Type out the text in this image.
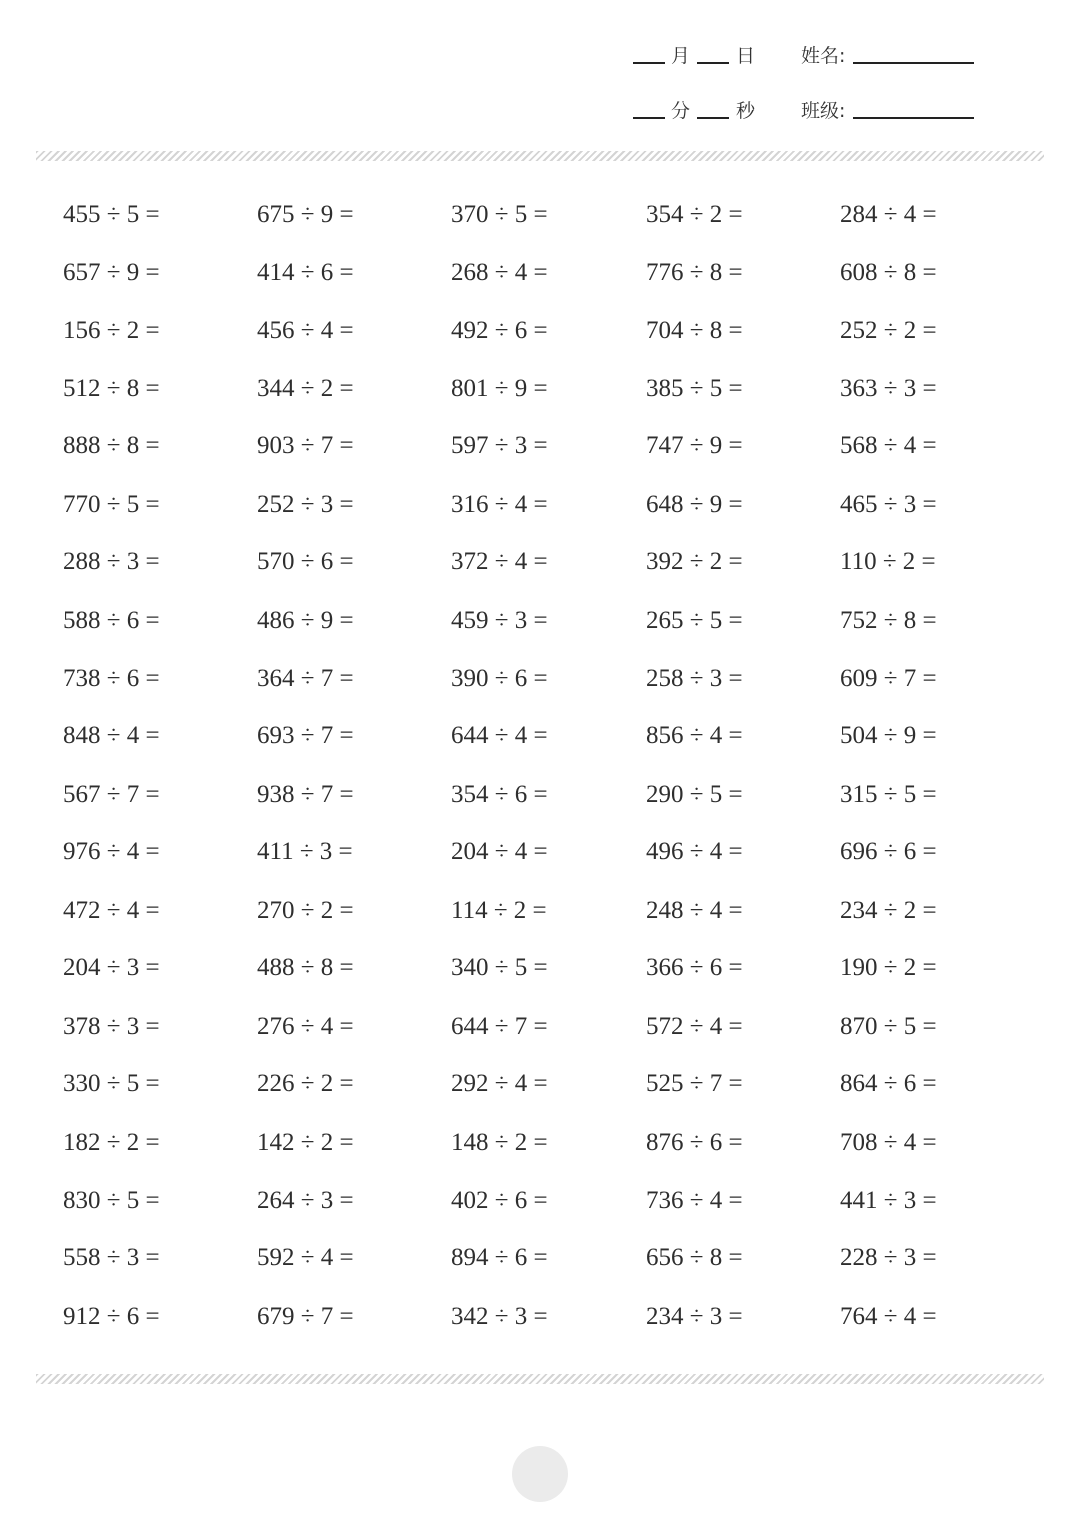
月 日 姓名:
分 秒 班级:
455 ÷ 5 =	675 ÷ 9 =	370 ÷ 5 =	354 ÷ 2 =	284 ÷ 4 =
657 ÷ 9 =	414 ÷ 6 =	268 ÷ 4 =	776 ÷ 8 =	608 ÷ 8 =
156 ÷ 2 =	456 ÷ 4 =	492 ÷ 6 =	704 ÷ 8 =	252 ÷ 2 =
512 ÷ 8 =	344 ÷ 2 =	801 ÷ 9 =	385 ÷ 5 =	363 ÷ 3 =
888 ÷ 8 =	903 ÷ 7 =	597 ÷ 3 =	747 ÷ 9 =	568 ÷ 4 =
770 ÷ 5 =	252 ÷ 3 =	316 ÷ 4 =	648 ÷ 9 =	465 ÷ 3 =
288 ÷ 3 =	570 ÷ 6 =	372 ÷ 4 =	392 ÷ 2 =	110 ÷ 2 =
588 ÷ 6 =	486 ÷ 9 =	459 ÷ 3 =	265 ÷ 5 =	752 ÷ 8 =
738 ÷ 6 =	364 ÷ 7 =	390 ÷ 6 =	258 ÷ 3 =	609 ÷ 7 =
848 ÷ 4 =	693 ÷ 7 =	644 ÷ 4 =	856 ÷ 4 =	504 ÷ 9 =
567 ÷ 7 =	938 ÷ 7 =	354 ÷ 6 =	290 ÷ 5 =	315 ÷ 5 =
976 ÷ 4 =	411 ÷ 3 =	204 ÷ 4 =	496 ÷ 4 =	696 ÷ 6 =
472 ÷ 4 =	270 ÷ 2 =	114 ÷ 2 =	248 ÷ 4 =	234 ÷ 2 =
204 ÷ 3 =	488 ÷ 8 =	340 ÷ 5 =	366 ÷ 6 =	190 ÷ 2 =
378 ÷ 3 =	276 ÷ 4 =	644 ÷ 7 =	572 ÷ 4 =	870 ÷ 5 =
330 ÷ 5 =	226 ÷ 2 =	292 ÷ 4 =	525 ÷ 7 =	864 ÷ 6 =
182 ÷ 2 =	142 ÷ 2 =	148 ÷ 2 =	876 ÷ 6 =	708 ÷ 4 =
830 ÷ 5 =	264 ÷ 3 =	402 ÷ 6 =	736 ÷ 4 =	441 ÷ 3 =
558 ÷ 3 =	592 ÷ 4 =	894 ÷ 6 =	656 ÷ 8 =	228 ÷ 3 =
912 ÷ 6 =	679 ÷ 7 =	342 ÷ 3 =	234 ÷ 3 =	764 ÷ 4 =
